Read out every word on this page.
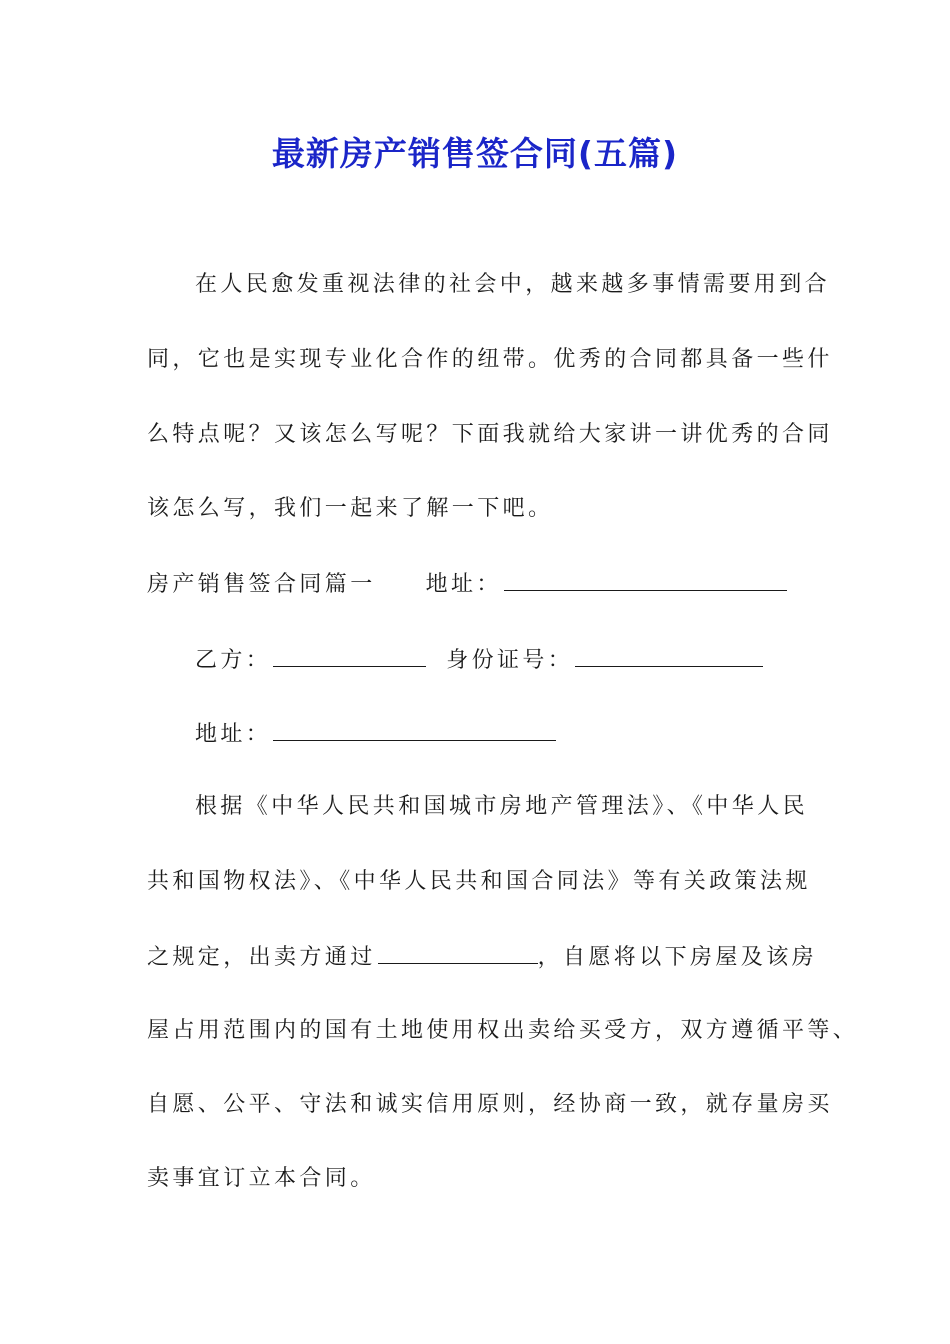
最新房产销售签合同(五篇)
在人民愈发重视法律的社会中，越来越多事情需要用到合
同，它也是实现专业化合作的纽带。优秀的合同都具备一些什
么特点呢？又该怎么写呢？下面我就给大家讲一讲优秀的合同
该怎么写，我们一起来了解一下吧。
房产销售签合同篇一 地址：
乙方：	身份证号：
地址：
根据《中华人民共和国城市房地产管理法》、《中华人民
共和国物权法》、《中华人民共和国合同法》等有关政策法规
之规定，出卖方通过	，自愿将以下房屋及该房
屋占用范围内的国有土地使用权出卖给买受方，双方遵循平等、
自愿、公平、守法和诚实信用原则，经协商一致，就存量房买
卖事宜订立本合同。
